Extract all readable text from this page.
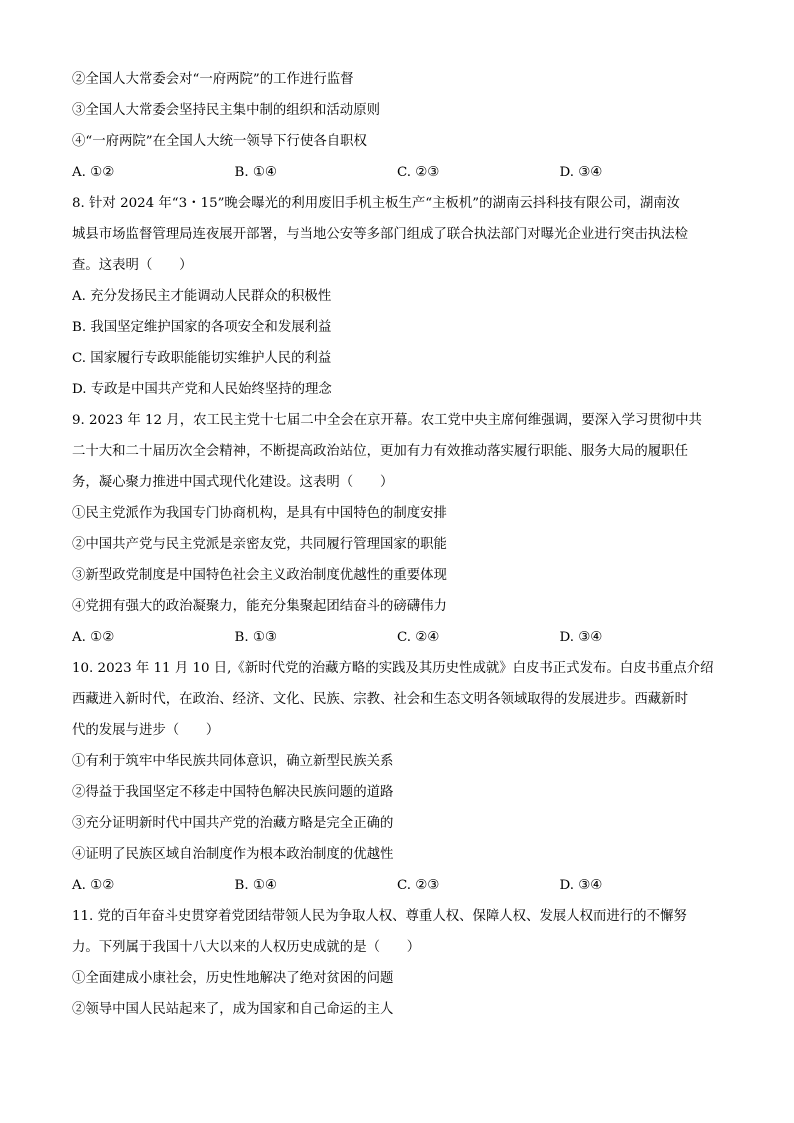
②全国人大常委会对“一府两院”的工作进行监督
③全国人大常委会坚持民主集中制的组织和活动原则
④“一府两院”在全国人大统一领导下行使各自职权
A. ①②	B. ①④	C. ②③	D. ③④
8. 针对 2024 年“3・15”晚会曝光的利用废旧手机主板生产“主板机”的湖南云抖科技有限公司，湖南汝
城县市场监督管理局连夜展开部署，与当地公安等多部门组成了联合执法部门对曝光企业进行突击执法检
查。这表明（　　）
A. 充分发扬民主才能调动人民群众的积极性
B. 我国坚定维护国家的各项安全和发展利益
C. 国家履行专政职能能切实维护人民的利益
D. 专政是中国共产党和人民始终坚持的理念
9. 2023 年 12 月，农工民主党十七届二中全会在京开幕。农工党中央主席何维强调，要深入学习贯彻中共
二十大和二十届历次全会精神，不断提高政治站位，更加有力有效推动落实履行职能、服务大局的履职任
务，凝心聚力推进中国式现代化建设。这表明（　　）
①民主党派作为我国专门协商机构，是具有中国特色的制度安排
②中国共产党与民主党派是亲密友党，共同履行管理国家的职能
③新型政党制度是中国特色社会主义政治制度优越性的重要体现
④党拥有强大的政治凝聚力，能充分集聚起团结奋斗的磅礴伟力
A. ①②	B. ①③	C. ②④	D. ③④
10. 2023 年 11 月 10 日,《新时代党的治藏方略的实践及其历史性成就》白皮书正式发布。白皮书重点介绍
西藏进入新时代，在政治、经济、文化、民族、宗教、社会和生态文明各领域取得的发展进步。西藏新时
代的发展与进步（　　）
①有利于筑牢中华民族共同体意识，确立新型民族关系
②得益于我国坚定不移走中国特色解决民族问题的道路
③充分证明新时代中国共产党的治藏方略是完全正确的
④证明了民族区域自治制度作为根本政治制度的优越性
A. ①②	B. ①④	C. ②③	D. ③④
11. 党的百年奋斗史贯穿着党团结带领人民为争取人权、尊重人权、保障人权、发展人权而进行的不懈努
力。下列属于我国十八大以来的人权历史成就的是（　　）
①全面建成小康社会，历史性地解决了绝对贫困的问题
②领导中国人民站起来了，成为国家和自己命运的主人
